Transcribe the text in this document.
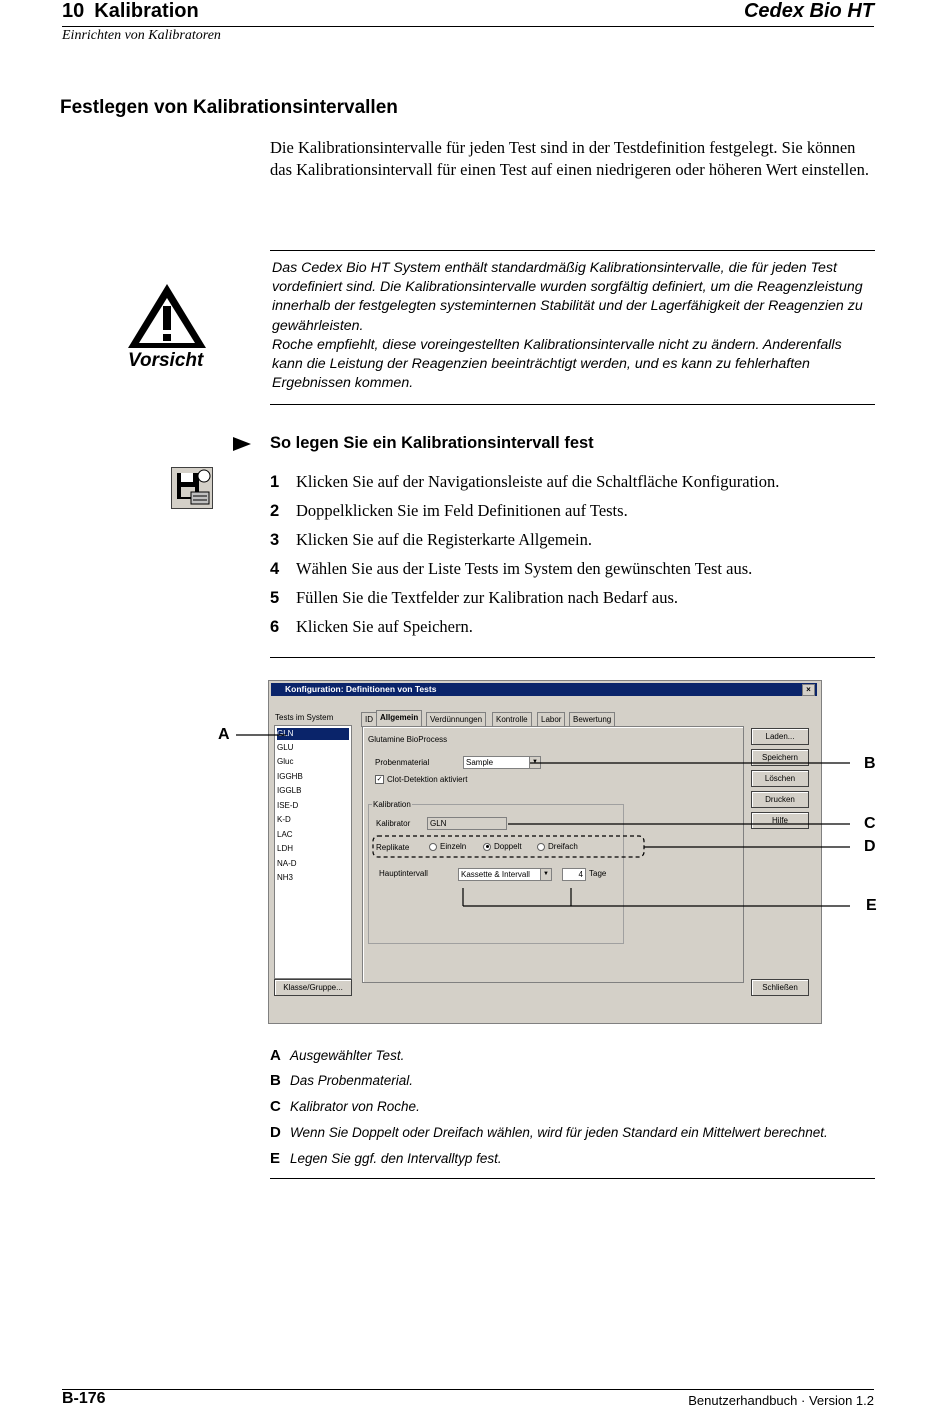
10 Kalibration	Cedex Bio HT
Einrichten von Kalibratoren
Festlegen von Kalibrationsintervallen
Die Kalibrationsintervalle für jeden Test sind in der Testdefinition festgelegt. Sie können das Kalibrationsintervall für einen Test auf einen niedrigeren oder höheren Wert einstellen.
Vorsicht
Das Cedex Bio HT System enthält standardmäßig Kalibrationsintervalle, die für jeden Test vordefiniert sind. Die Kalibrationsintervalle wurden sorgfältig definiert, um die Reagenzleistung innerhalb der festgelegten systeminternen Stabilität und der Lagerfähigkeit der Reagenzien zu gewährleisten.
Roche empfiehlt, diese voreingestellten Kalibrationsintervalle nicht zu ändern. Anderenfalls kann die Leistung der Reagenzien beeinträchtigt werden, und es kann zu fehlerhaften Ergebnissen kommen.
So legen Sie ein Kalibrationsintervall fest
1 Klicken Sie auf der Navigationsleiste auf die Schaltfläche Konfiguration.
2 Doppelklicken Sie im Feld Definitionen auf Tests.
3 Klicken Sie auf die Registerkarte Allgemein.
4 Wählen Sie aus der Liste Tests im System den gewünschten Test aus.
5 Füllen Sie die Textfelder zur Kalibration nach Bedarf aus.
6 Klicken Sie auf Speichern.
Konfiguration: Definitionen von Tests	×
Tests im System
GLN
GLU
Gluc
IGGHB
IGGLB
ISE-D
K-D
LAC
LDH
NA-D
NH3
ID Allgemein	Verdünnungen	Kontrolle	Labor	Bewertung
Glutamine BioProcess
Probenmaterial	Sample	▼
✓ Clot-Detektion aktiviert
Kalibration
Kalibrator	GLN
Replikate	Einzeln	Doppelt	Dreifach
Hauptintervall	Kassette & Intervall	▼	4 Tage
Laden...
Speichern
Löschen
Drucken
Hilfe
Klasse/Gruppe...	Schließen
A
B
C
D
E
A Ausgewählter Test.
B Das Probenmaterial.
C Kalibrator von Roche.
D Wenn Sie Doppelt oder Dreifach wählen, wird für jeden Standard ein Mittelwert berechnet.
E Legen Sie ggf. den Intervalltyp fest.
B-176	Benutzerhandbuch · Version 1.2
